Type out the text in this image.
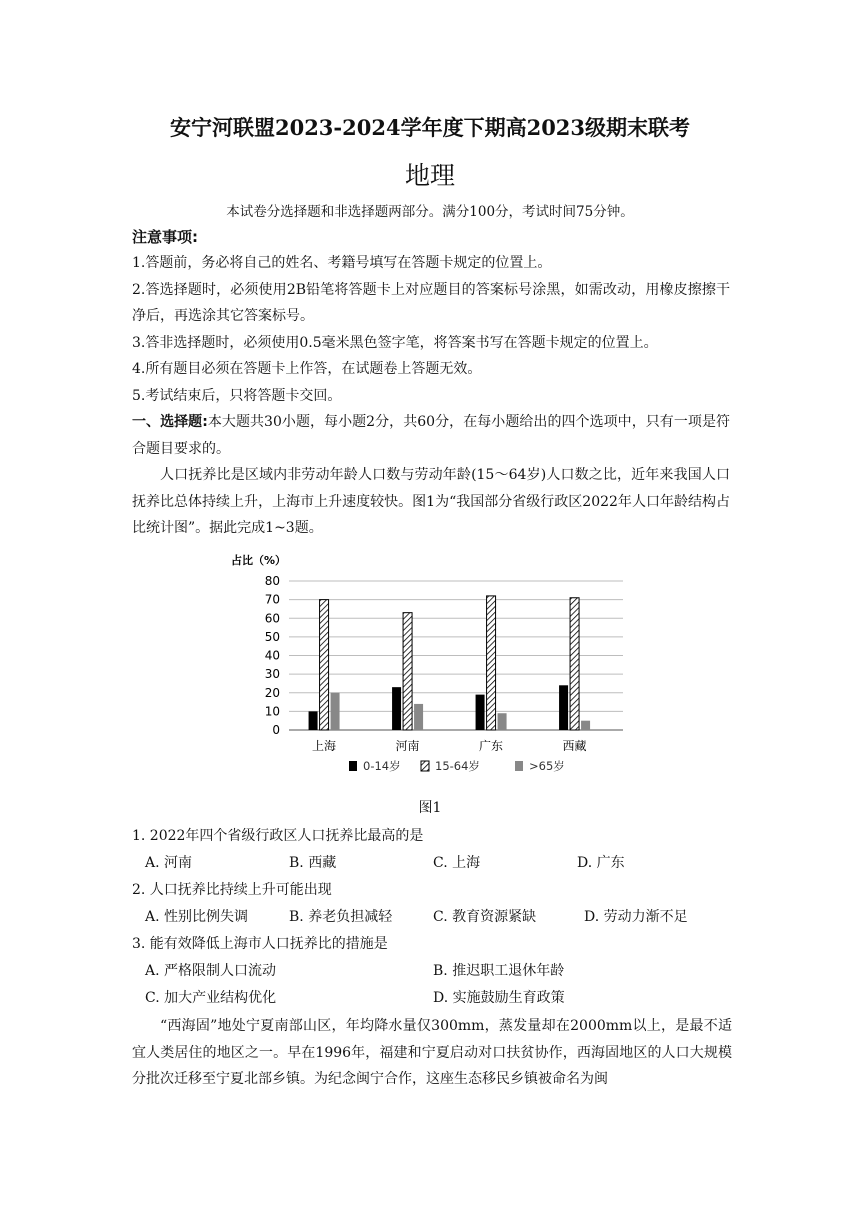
安宁河联盟2023-2024学年度下期高2023级期末联考
地理
本试卷分选择题和非选择题两部分。满分100分，考试时间75分钟。
注意事项:

1.答题前，务必将自己的姓名、考籍号填写在答题卡规定的位置上。

2.答选择题时，必须使用2B铅笔将答题卡上对应题目的答案标号涂黑，如需改动，用橡皮擦擦干净后，再选涂其它答案标号。

3.答非选择题时，必须使用0.5毫米黑色签字笔，将答案书写在答题卡规定的位置上。

4.所有题目必须在答题卡上作答，在试题卷上答题无效。

5.考试结束后，只将答题卡交回。

一、选择题:本大题共30小题，每小题2分，共60分，在每小题给出的四个选项中，只有一项是符合题目要求的。

人口抚养比是区域内非劳动年龄人口数与劳动年龄(15～64岁)人口数之比，近年来我国人口抚养比总体持续上升，上海市上升速度较快。图1为“我国部分省级行政区2022年人口年龄结构占比统计图”。据此完成1~3题。

占比（%）
0
10
20
30
40
50
60
70
80
上海	河南	广东	西藏
0-14岁	15-64岁	>65岁
图1

1. 2022年四个省级行政区人口抚养比最高的是

A. 河南	B. 西藏	C. 上海	D. 广东

2. 人口抚养比持续上升可能出现

A. 性别比例失调	B. 养老负担减轻	C. 教育资源紧缺	D. 劳动力渐不足

3. 能有效降低上海市人口抚养比的措施是

A. 严格限制人口流动	B. 推迟职工退休年龄
C. 加大产业结构优化	D. 实施鼓励生育政策

“西海固”地处宁夏南部山区，年均降水量仅300mm，蒸发量却在2000mm以上，是最不适宜人类居住的地区之一。早在1996年，福建和宁夏启动对口扶贫协作，西海固地区的人口大规模分批次迁移至宁夏北部乡镇。为纪念闽宁合作，这座生态移民乡镇被命名为闽
